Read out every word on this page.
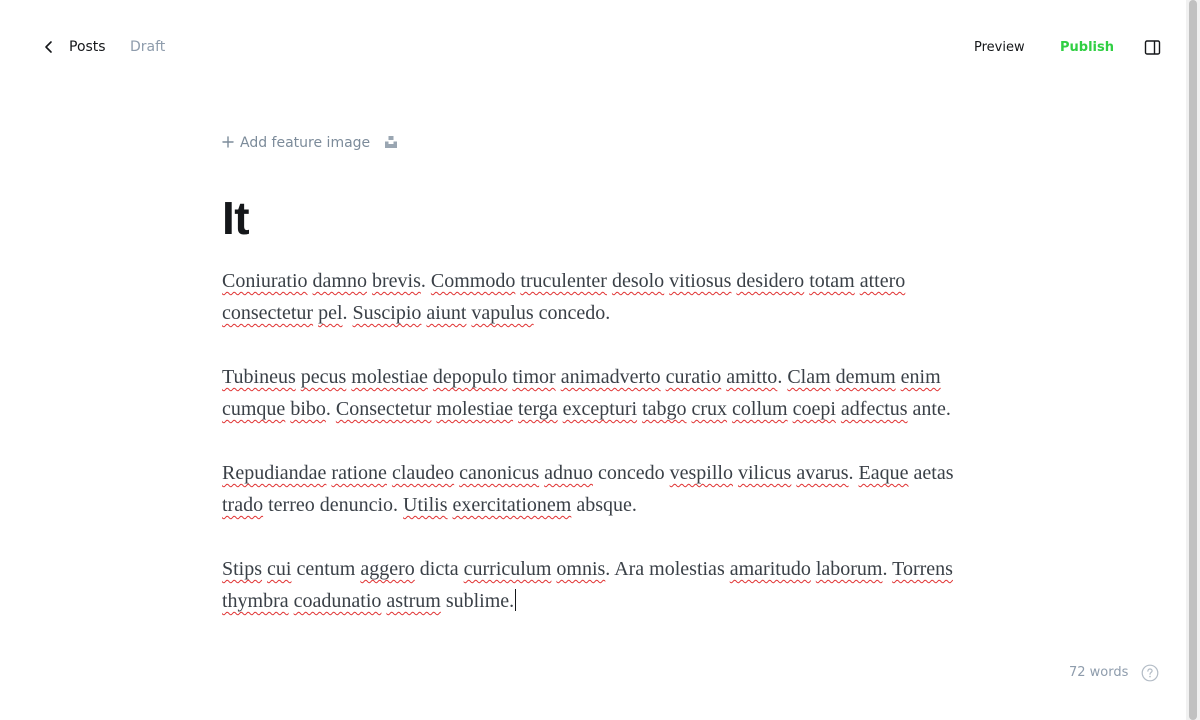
Posts Draft	Preview	Publish
Add feature image
It

Coniuratio damno brevis. Commodo truculenter desolo vitiosus desidero totam attero consectetur pel. Suscipio aiunt vapulus concedo.

Tubineus pecus molestiae depopulo timor animadverto curatio amitto. Clam demum enim cumque bibo. Consectetur molestiae terga excepturi tabgo crux collum coepi adfectus ante.

Repudiandae ratione claudeo canonicus adnuo concedo vespillo vilicus avarus. Eaque aetas trado terreo denuncio. Utilis exercitationem absque.

Stips cui centum aggero dicta curriculum omnis. Ara molestias amaritudo laborum. Torrens thymbra coadunatio astrum sublime.

72 words
